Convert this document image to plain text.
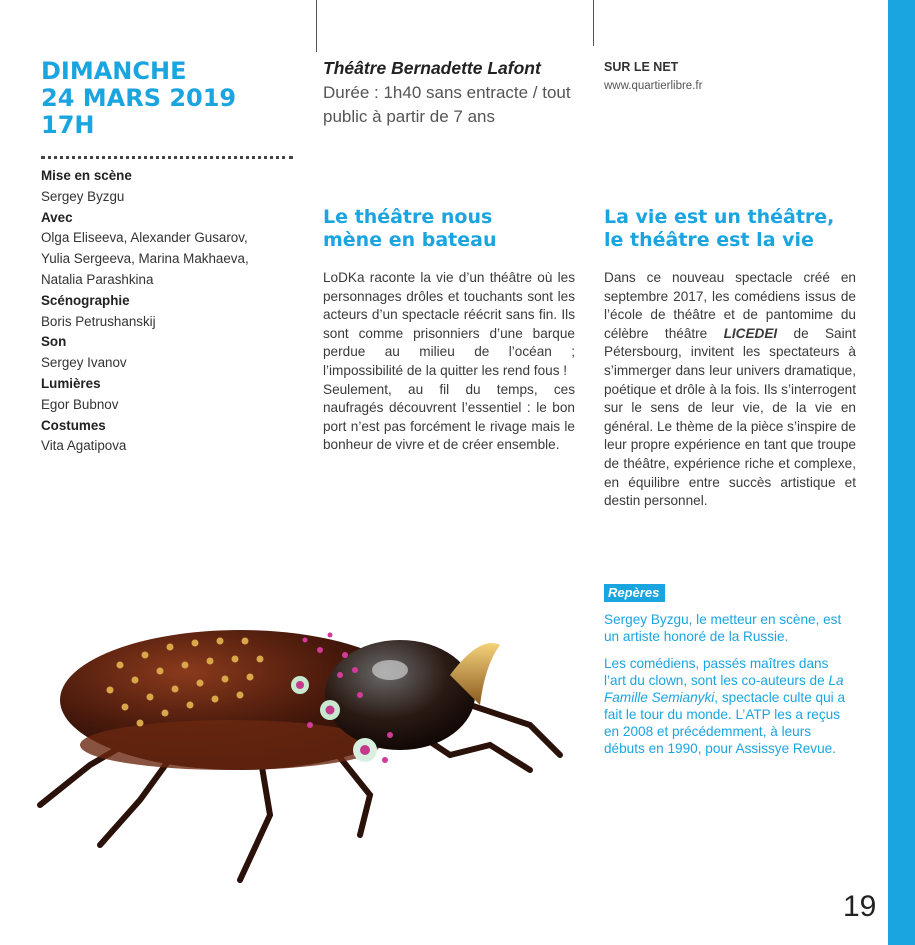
DIMANCHE
24 MARS 2019
17H
Mise en scène
Sergey Byzgu
Avec
Olga Eliseeva, Alexander Gusarov,
Yulia Sergeeva, Marina Makhaeva,
Natalia Parashkina
Scénographie
Boris Petrushanskij
Son
Sergey Ivanov
Lumières
Egor Bubnov
Costumes
Vita Agatipova
Théâtre Bernadette Lafont
Durée : 1h40 sans entracte / tout public à partir de 7 ans
Le théâtre nous
mène en bateau

LoDKa raconte la vie d’un théâtre où les personnages drôles et touchants sont les acteurs d’un spectacle réécrit sans fin. Ils sont comme prisonniers d’une barque perdue au milieu de l’océan ; l’impossibilité de la quitter les rend fous !

Seulement, au fil du temps, ces naufragés découvrent l’essentiel : le bon port n’est pas forcément le rivage mais le bonheur de vivre et de créer ensemble.

SUR LE NET
www.quartierlibre.fr
La vie est un théâtre,
le théâtre est la vie

Dans ce nouveau spectacle créé en septembre 2017, les comédiens issus de l’école de théâtre et de pantomime du célèbre théâtre LICEDEI de Saint Pétersbourg, invitent les spectateurs à s’immerger dans leur univers dramatique, poétique et drôle à la fois. Ils s’interrogent sur le sens de leur vie, de la vie en général. Le thème de la pièce s’inspire de leur propre expérience en tant que troupe de théâtre, expérience riche et complexe, en équilibre entre succès artistique et destin personnel.

Repères

Sergey Byzgu, le metteur en scène, est un artiste honoré de la Russie.

Les comédiens, passés maîtres dans l’art du clown, sont les co-auteurs de La Famille Semianyki, spectacle culte qui a fait le tour du monde. L’ATP les a reçus en 2008 et précédemment, à leurs débuts en 1990, pour Assissye Revue.

19
